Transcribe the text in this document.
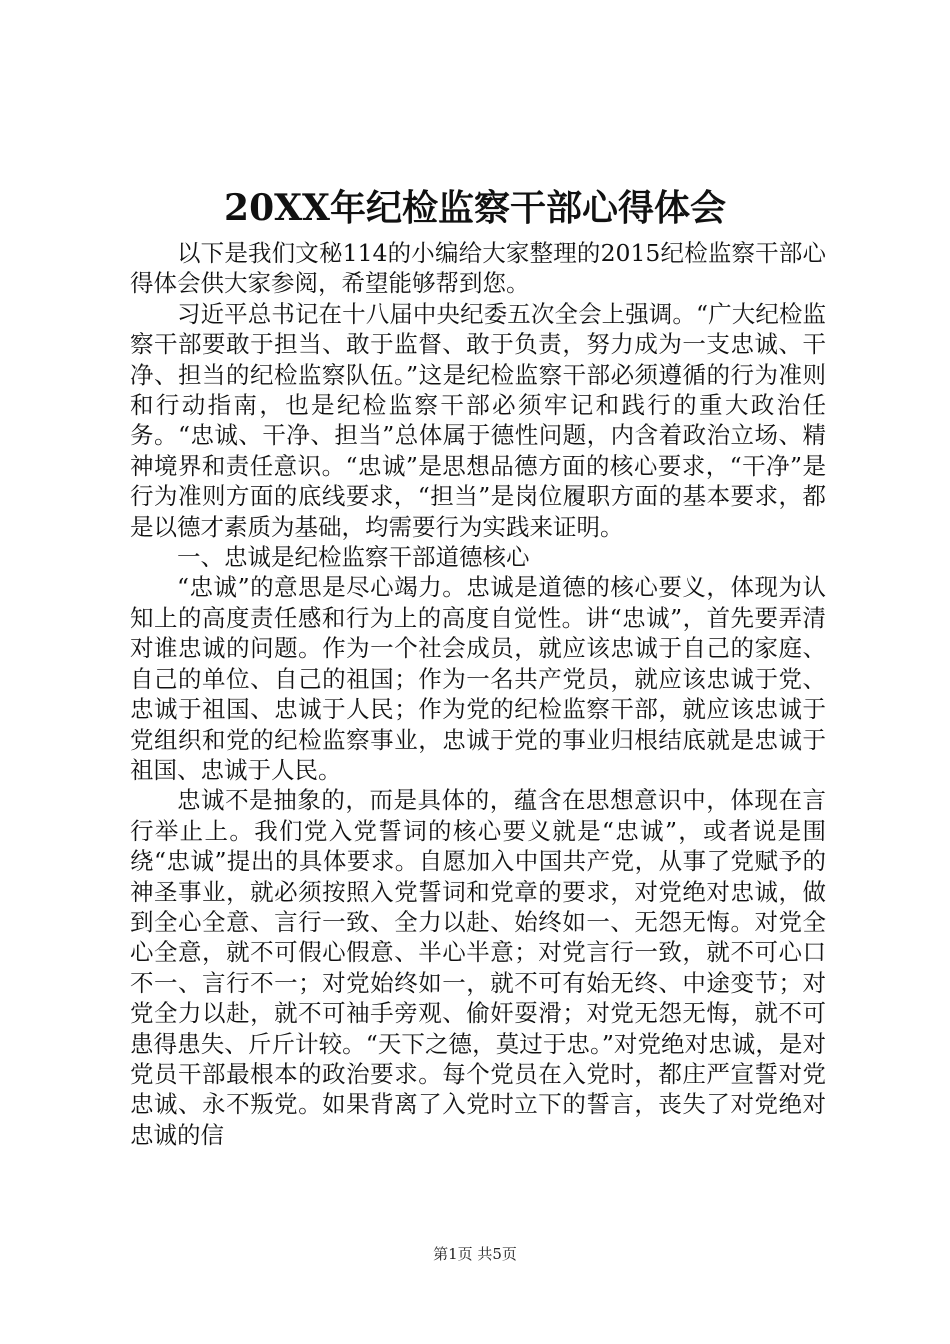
20XX年纪检监察干部心得体会

以下是我们文秘114的小编给大家整理的2015纪检监察干部心得体会供大家参阅，希望能够帮到您。

习近平总书记在十八届中央纪委五次全会上强调。“广大纪检监察干部要敢于担当、敢于监督、敢于负责，努力成为一支忠诚、干净、担当的纪检监察队伍。”这是纪检监察干部必须遵循的行为准则和行动指南，也是纪检监察干部必须牢记和践行的重大政治任务。“忠诚、干净、担当”总体属于德性问题，内含着政治立场、精神境界和责任意识。“忠诚”是思想品德方面的核心要求，“干净”是行为准则方面的底线要求，“担当”是岗位履职方面的基本要求，都是以德才素质为基础，均需要行为实践来证明。

一、忠诚是纪检监察干部道德核心

“忠诚”的意思是尽心竭力。忠诚是道德的核心要义，体现为认知上的高度责任感和行为上的高度自觉性。讲“忠诚”，首先要弄清对谁忠诚的问题。作为一个社会成员，就应该忠诚于自己的家庭、自己的单位、自己的祖国；作为一名共产党员，就应该忠诚于党、忠诚于祖国、忠诚于人民；作为党的纪检监察干部，就应该忠诚于党组织和党的纪检监察事业，忠诚于党的事业归根结底就是忠诚于祖国、忠诚于人民。

忠诚不是抽象的，而是具体的，蕴含在思想意识中，体现在言行举止上。我们党入党誓词的核心要义就是“忠诚”，或者说是围绕“忠诚”提出的具体要求。自愿加入中国共产党，从事了党赋予的神圣事业，就必须按照入党誓词和党章的要求，对党绝对忠诚，做到全心全意、言行一致、全力以赴、始终如一、无怨无悔。对党全心全意，就不可假心假意、半心半意；对党言行一致，就不可心口不一、言行不一；对党始终如一，就不可有始无终、中途变节；对党全力以赴，就不可袖手旁观、偷奸耍滑；对党无怨无悔，就不可患得患失、斤斤计较。“天下之德，莫过于忠。”对党绝对忠诚，是对党员干部最根本的政治要求。每个党员在入党时，都庄严宣誓对党忠诚、永不叛党。如果背离了入党时立下的誓言，丧失了对党绝对忠诚的信

第1页 共5页
